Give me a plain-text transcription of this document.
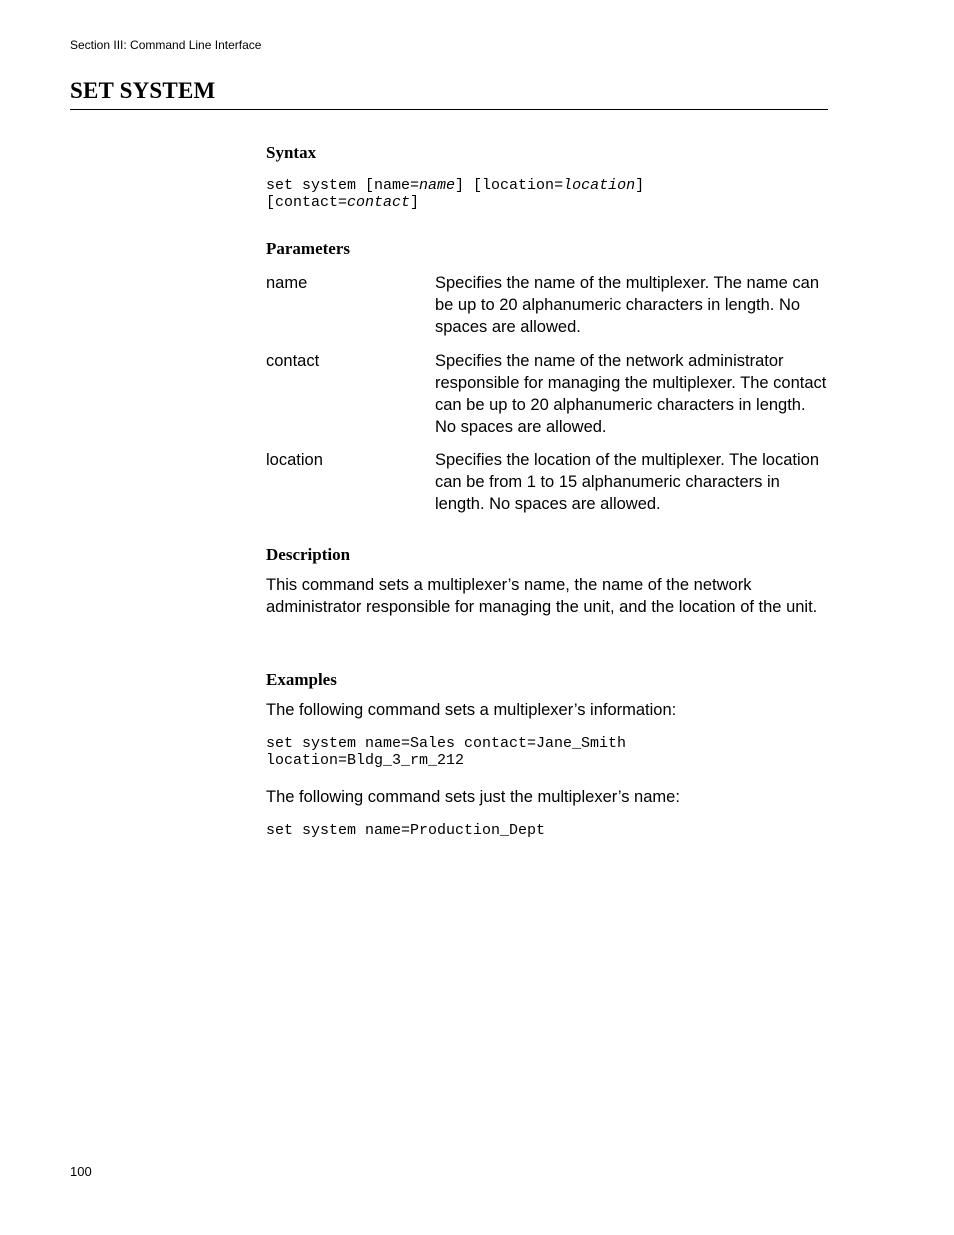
Section III: Command Line Interface
SET SYSTEM
Syntax
set system [name=name] [location=location]
[contact=contact]
Parameters
name	Specifies the name of the multiplexer. The name can be up to 20 alphanumeric characters in length. No spaces are allowed.
contact	Specifies the name of the network administrator responsible for managing the multiplexer. The contact can be up to 20 alphanumeric characters in length. No spaces are allowed.
location	Specifies the location of the multiplexer. The location can be from 1 to 15 alphanumeric characters in length. No spaces are allowed.
Description

This command sets a multiplexer’s name, the name of the network administrator responsible for managing the unit, and the location of the unit.

Examples

The following command sets a multiplexer’s information:

set system name=Sales contact=Jane_Smith
location=Bldg_3_rm_212

The following command sets just the multiplexer’s name:

set system name=Production_Dept
100
